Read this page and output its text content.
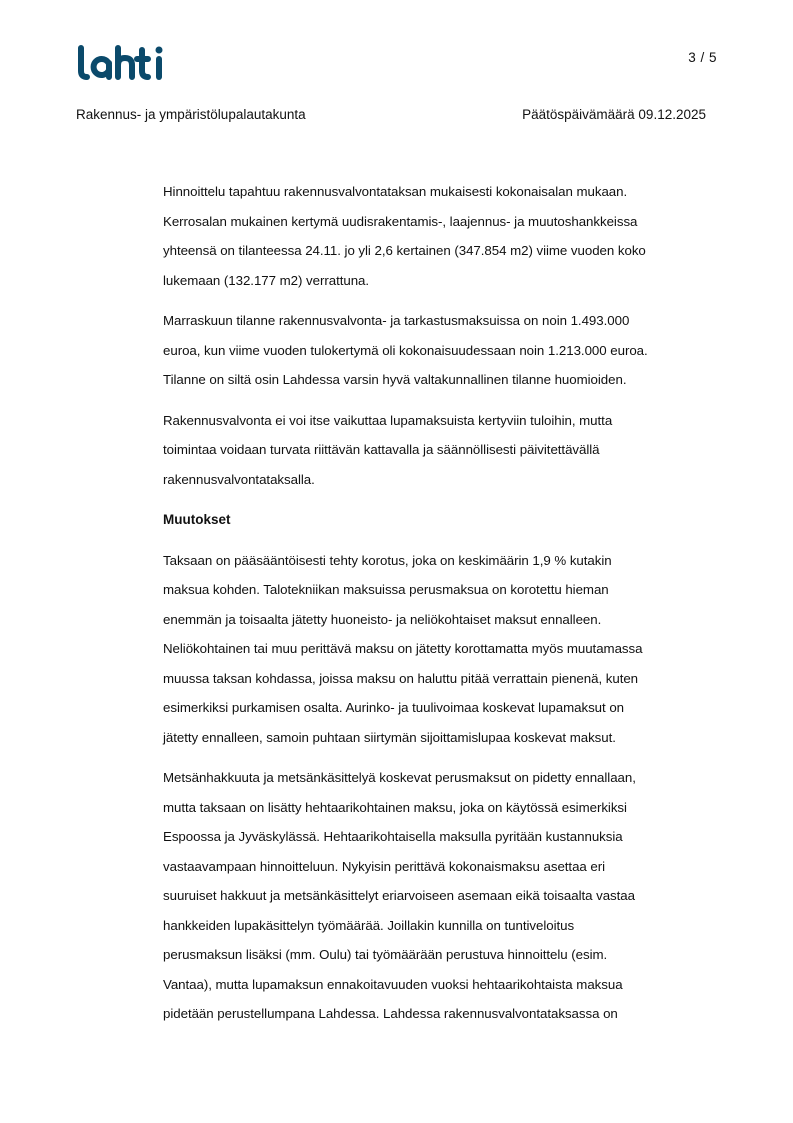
3 / 5
Rakennus- ja ympäristölupalautakunta	Päätöspäivämäärä 09.12.2025
Hinnoittelu tapahtuu rakennusvalvontataksan mukaisesti kokonaisalan mukaan.
Kerrosalan mukainen kertymä uudisrakentamis-, laajennus- ja muutoshankkeissa
yhteensä on tilanteessa 24.11. jo yli 2,6 kertainen (347.854 m2) viime vuoden koko
lukemaan (132.177 m2) verrattuna.
Marraskuun tilanne rakennusvalvonta- ja tarkastusmaksuissa on noin 1.493.000
euroa, kun viime vuoden tulokertymä oli kokonaisuudessaan noin 1.213.000 euroa.
Tilanne on siltä osin Lahdessa varsin hyvä valtakunnallinen tilanne huomioiden.
Rakennusvalvonta ei voi itse vaikuttaa lupamaksuista kertyviin tuloihin, mutta
toimintaa voidaan turvata riittävän kattavalla ja säännöllisesti päivitettävällä
rakennusvalvontataksalla.
Muutokset
Taksaan on pääsääntöisesti tehty korotus, joka on keskimäärin 1,9 % kutakin
maksua kohden. Talotekniikan maksuissa perusmaksua on korotettu hieman
enemmän ja toisaalta jätetty huoneisto- ja neliökohtaiset maksut ennalleen.
Neliökohtainen tai muu perittävä maksu on jätetty korottamatta myös muutamassa
muussa taksan kohdassa, joissa maksu on haluttu pitää verrattain pienenä, kuten
esimerkiksi purkamisen osalta. Aurinko- ja tuulivoimaa koskevat lupamaksut on
jätetty ennalleen, samoin puhtaan siirtymän sijoittamislupaa koskevat maksut.
Metsänhakkuuta ja metsänkäsittelyä koskevat perusmaksut on pidetty ennallaan,
mutta taksaan on lisätty hehtaarikohtainen maksu, joka on käytössä esimerkiksi
Espoossa ja Jyväskylässä. Hehtaarikohtaisella maksulla pyritään kustannuksia
vastaavampaan hinnoitteluun. Nykyisin perittävä kokonaismaksu asettaa eri
suuruiset hakkuut ja metsänkäsittelyt eriarvoiseen asemaan eikä toisaalta vastaa
hankkeiden lupakäsittelyn työmäärää. Joillakin kunnilla on tuntiveloitus
perusmaksun lisäksi (mm. Oulu) tai työmäärään perustuva hinnoittelu (esim.
Vantaa), mutta lupamaksun ennakoitavuuden vuoksi hehtaarikohtaista maksua
pidetään perustellumpana Lahdessa. Lahdessa rakennusvalvontataksassa on
